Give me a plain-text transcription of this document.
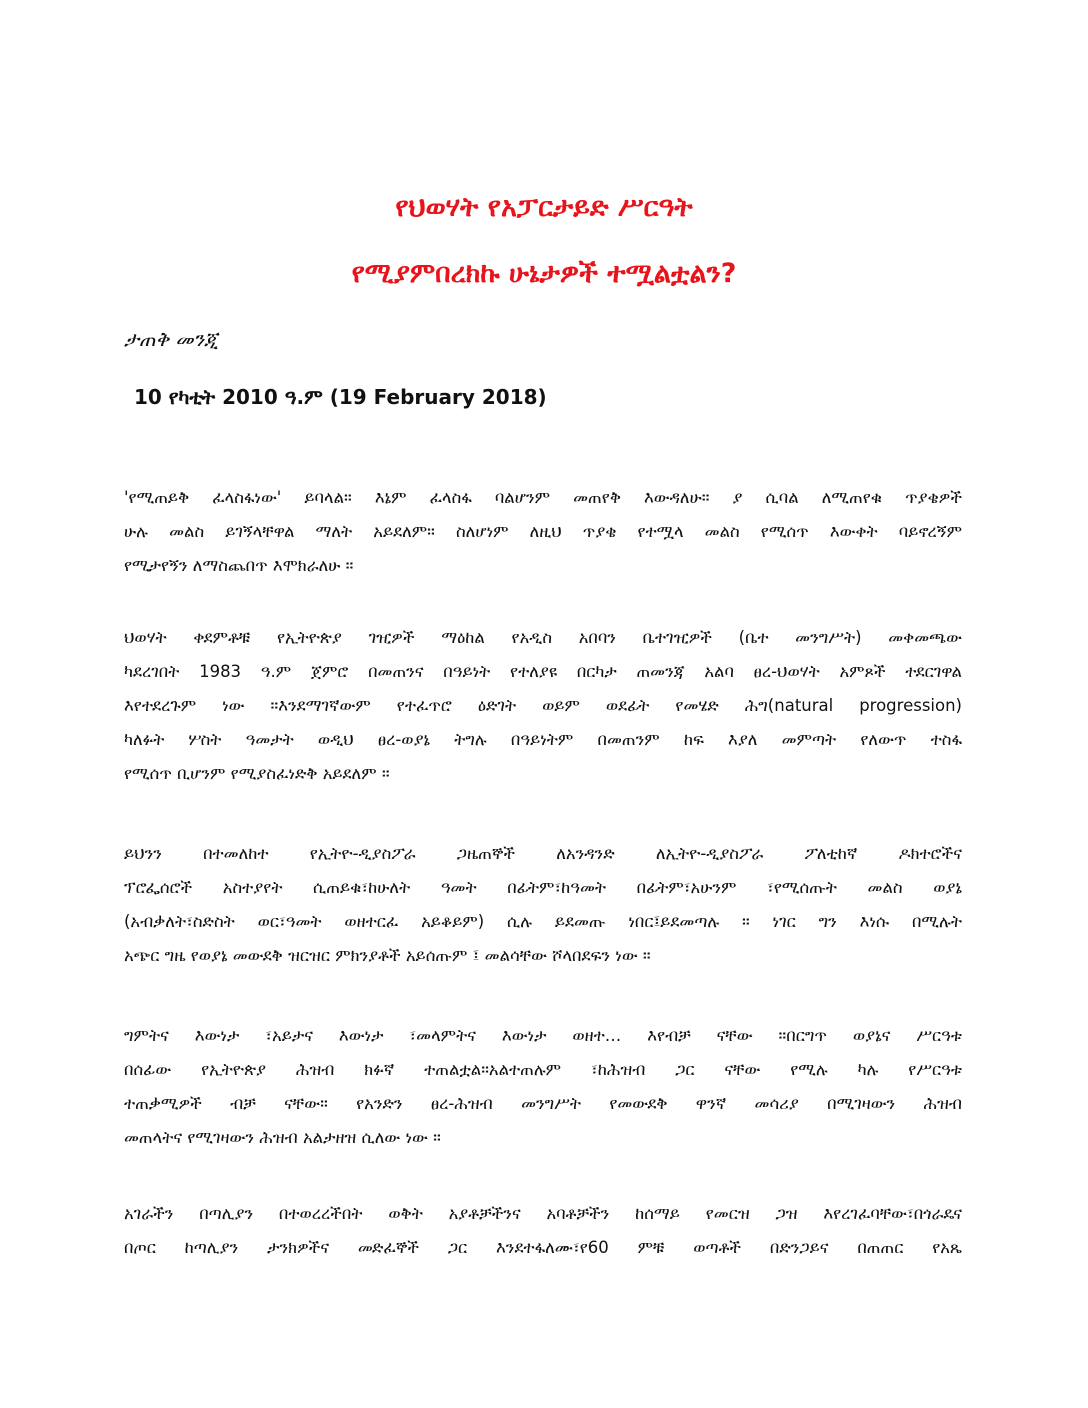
የህወሃት የአፓርታይድ ሥርዓት
የሚያምበረክኩ ሁኔታዎች ተሟልቷልን?
ታጠቅ መንጂ
10 የካቲት 2010 ዓ.ም (19 February 2018)
'የሚጠይቅ ፈላስፋነው' ይባላል። እኔም ፈላስፋ ባልሆንም መጠየቅ እውዳለሁ። ያ ሲባል ለሚጠየቁ ጥያቄዎች
ሁሉ መልስ ይገኝላቸዋል ማለት አይደለም። ስለሆነም ለዚህ ጥያቄ የተሟላ መልስ የሚሰጥ እውቀት ባይኖረኝም
የሚታየኝን ለማስጨበጥ እሞክራለሁ ።
ህወሃት ቀደምቶቹ የኢትዮጵያ ገዢዎች ማዕከል የአዲስ አበባን ቤተገዢዎች (ቤተ መንግሥት) መቀመጫው
ካደረገበት 1983 ዓ.ም ጀምሮ በመጠንና በዓይነት የተለያዩ በርካታ ጠመንጃ አልባ ፀረ-ህወሃት አምጾች ተደርገዋል
እየተደረጉም ነው ።እንደማገኛውም የተፈጥሮ ዕድገት ወይም ወደፊት የመሄድ ሕግ(natural progression)
ካለፉት ሦስት ዓመታት ወዲህ ፀረ-ወያኔ ትግሉ በዓይነትም በመጠንም ከፍ እያለ መምጣት የለውጥ ተስፋ
የሚሰጥ ቢሆንም የሚያስፈነድቅ አይደለም ።
ይህንን በተመለከተ የኢትዮ-ዲያስፖራ ጋዜጠኞች ለአንዳንድ ለኢትዮ-ዲያስፖራ ፖለቲከኛ ዶክተሮችና
ፕሮፌሰሮች አስተያየት ሲጠይቁ፣ከሁለት ዓመት በፊትም፣ከዓመት በፊትም፣አሁንም ፣የሚሰጡት መልስ ወያኔ
(አብቃለት፣ስድስት ወር፣ዓመት ወዘተርፈ አይቆይም) ሲሉ ይደመጡ ነበር፤ይደመጣሉ ። ነገር ግን እነሱ በሚሉት
አጭር ግዜ የወያኔ መውደቅ ዝርዝር ምክንያቶች አይሰጡም ፤ መልሳቸው ሾላበደፍን ነው ።
ግምትና እውነታ ፣አይታና እውነታ ፣መላምትና እውነታ ወዘተ… እየብቻ ናቸው ።በርግጥ ወያኔና ሥርዓቱ
በሰፊው የኢትዮጵያ ሕዝብ ክፉኛ ተጠልቷል።አልተጠሉም ፣ከሕዝብ ጋር ናቸው የሚሉ ካሉ የሥርዓቱ
ተጠቃሚዎች ብቻ ናቸው። የአንድን ፀረ-ሕዝብ መንግሥት የመውደቅ ዋንኛ መሳሪያ በሚገዛውን ሕዝብ
መጠላትና የሚገዛውን ሕዝብ አልታዘዝ ሲለው ነው ።
አገራችን በጣሊያን በተወረረችበት ወቅት አያቶቻችንና አባቶቻችን ከሰማይ የመርዝ ጋዝ እየረገፈባቸው፣በጎራዴና
በጦር ከጣሊያን ታንክዎችና መድፈኞች ጋር እንደተፋለሙ፣የ60 ምቹ ወጣቶች በድንጋይና በጠጠር የአጼ
